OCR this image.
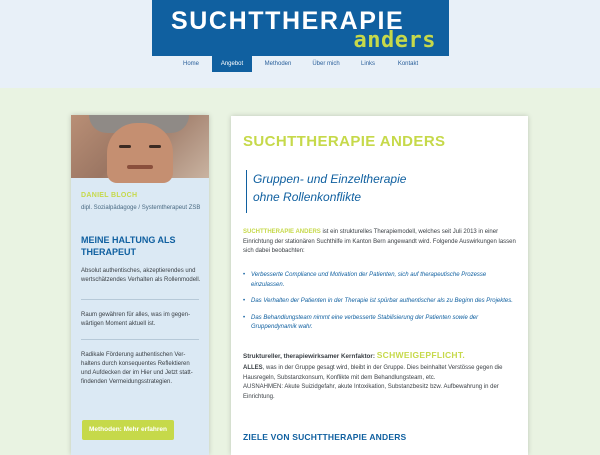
SUCHTTHERAPIE
anders
Home	Angebot	Methoden	Über mich	Links	Kontakt
DANIEL BLOCH
dipl. Sozialpädagoge / Systemtherapeut ZSB
MEINE HALTUNG ALS THERAPEUT
Absolut authentisches, akzeptierendes und wertschätzendes Verhalten als Rollenmodell.
Raum gewähren für alles, was im gegenwärtigen Moment aktuell ist.
Radikale Förderung authentischen Verhaltens durch konsequentes Reflektieren und Aufdecken der im Hier und Jetzt stattfindenden Vermeidungsstrategien.
Methoden: Mehr erfahren
SUCHTTHERAPIE ANDERS
Gruppen- und Einzeltherapie
ohne Rollenkonflikte
SUCHTTHERAPIE ANDERS ist ein strukturelles Therapiemodell, welches seit Juli 2013 in einer Einrichtung der stationären Suchthilfe im Kanton Bern angewandt wird. Folgende Auswirkungen lassen sich dabei beobachten:
• Verbesserte Compliance und Motivation der Patienten, sich auf therapeutische Prozesse einzulassen.
• Das Verhalten der Patienten in der Therapie ist spürbar authentischer als zu Beginn des Projektes.
• Das Behandlungsteam nimmt eine verbesserte Stabilisierung der Patienten sowie der Gruppendynamik wahr.
Struktureller, therapiewirksamer Kernfaktor: SCHWEIGEPFLICHT.
ALLES, was in der Gruppe gesagt wird, bleibt in der Gruppe. Dies beinhaltet Verstösse gegen die Hausregeln, Substanzkonsum, Konflikte mit dem Behandlungsteam, etc.
AUSNAHMEN: Akute Suizidgefahr, akute Intoxikation, Substanzbesitz bzw. Aufbewahrung in der Einrichtung.
ZIELE VON SUCHTTHERAPIE ANDERS
